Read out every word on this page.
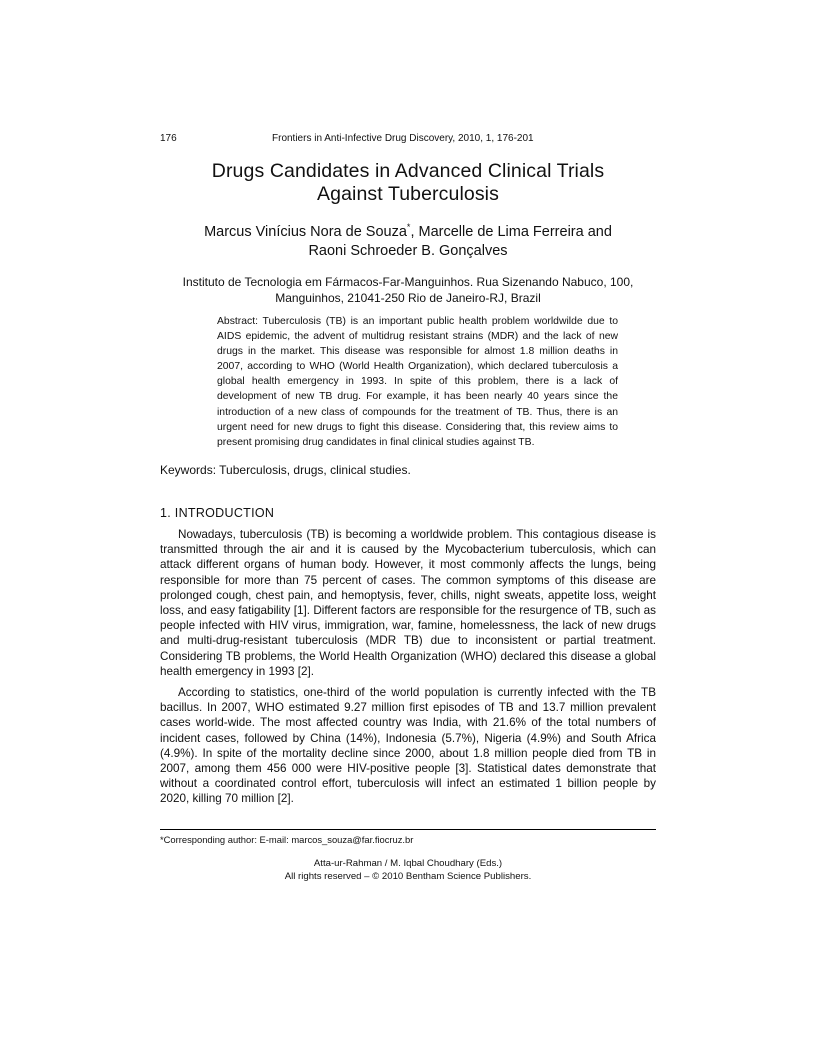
176	Frontiers in Anti-Infective Drug Discovery, 2010, 1, 176-201
Drugs Candidates in Advanced Clinical Trials
Against Tuberculosis
Marcus Vinícius Nora de Souza*, Marcelle de Lima Ferreira and
Raoni Schroeder B. Gonçalves
Instituto de Tecnologia em Fármacos-Far-Manguinhos. Rua Sizenando Nabuco, 100,
Manguinhos, 21041-250 Rio de Janeiro-RJ, Brazil
Abstract: Tuberculosis (TB) is an important public health problem worldwilde due to AIDS epidemic, the advent of multidrug resistant strains (MDR) and the lack of new drugs in the market. This disease was responsible for almost 1.8 million deaths in 2007, according to WHO (World Health Organization), which declared tuberculosis a global health emergency in 1993. In spite of this problem, there is a lack of development of new TB drug. For example, it has been nearly 40 years since the introduction of a new class of compounds for the treatment of TB. Thus, there is an urgent need for new drugs to fight this disease. Considering that, this review aims to present promising drug candidates in final clinical studies against TB.
Keywords: Tuberculosis, drugs, clinical studies.
1. INTRODUCTION

Nowadays, tuberculosis (TB) is becoming a worldwide problem. This contagious disease is transmitted through the air and it is caused by the Mycobacterium tuberculosis, which can attack different organs of human body. However, it most commonly affects the lungs, being responsible for more than 75 percent of cases. The common symptoms of this disease are prolonged cough, chest pain, and hemoptysis, fever, chills, night sweats, appetite loss, weight loss, and easy fatigability [1]. Different factors are responsible for the resurgence of TB, such as people infected with HIV virus, immigration, war, famine, homelessness, the lack of new drugs and multi-drug-resistant tuberculosis (MDR TB) due to inconsistent or partial treatment. Considering TB problems, the World Health Organization (WHO) declared this disease a global health emergency in 1993 [2].

According to statistics, one-third of the world population is currently infected with the TB bacillus. In 2007, WHO estimated 9.27 million first episodes of TB and 13.7 million prevalent cases world-wide. The most affected country was India, with 21.6% of the total numbers of incident cases, followed by China (14%), Indonesia (5.7%), Nigeria (4.9%) and South Africa (4.9%). In spite of the mortality decline since 2000, about 1.8 million people died from TB in 2007, among them 456 000 were HIV-positive people [3]. Statistical dates demonstrate that without a coordinated control effort, tuberculosis will infect an estimated 1 billion people by 2020, killing 70 million [2].

*Corresponding author: E-mail: marcos_souza@far.fiocruz.br
Atta-ur-Rahman / M. Iqbal Choudhary (Eds.)
All rights reserved – © 2010 Bentham Science Publishers.
